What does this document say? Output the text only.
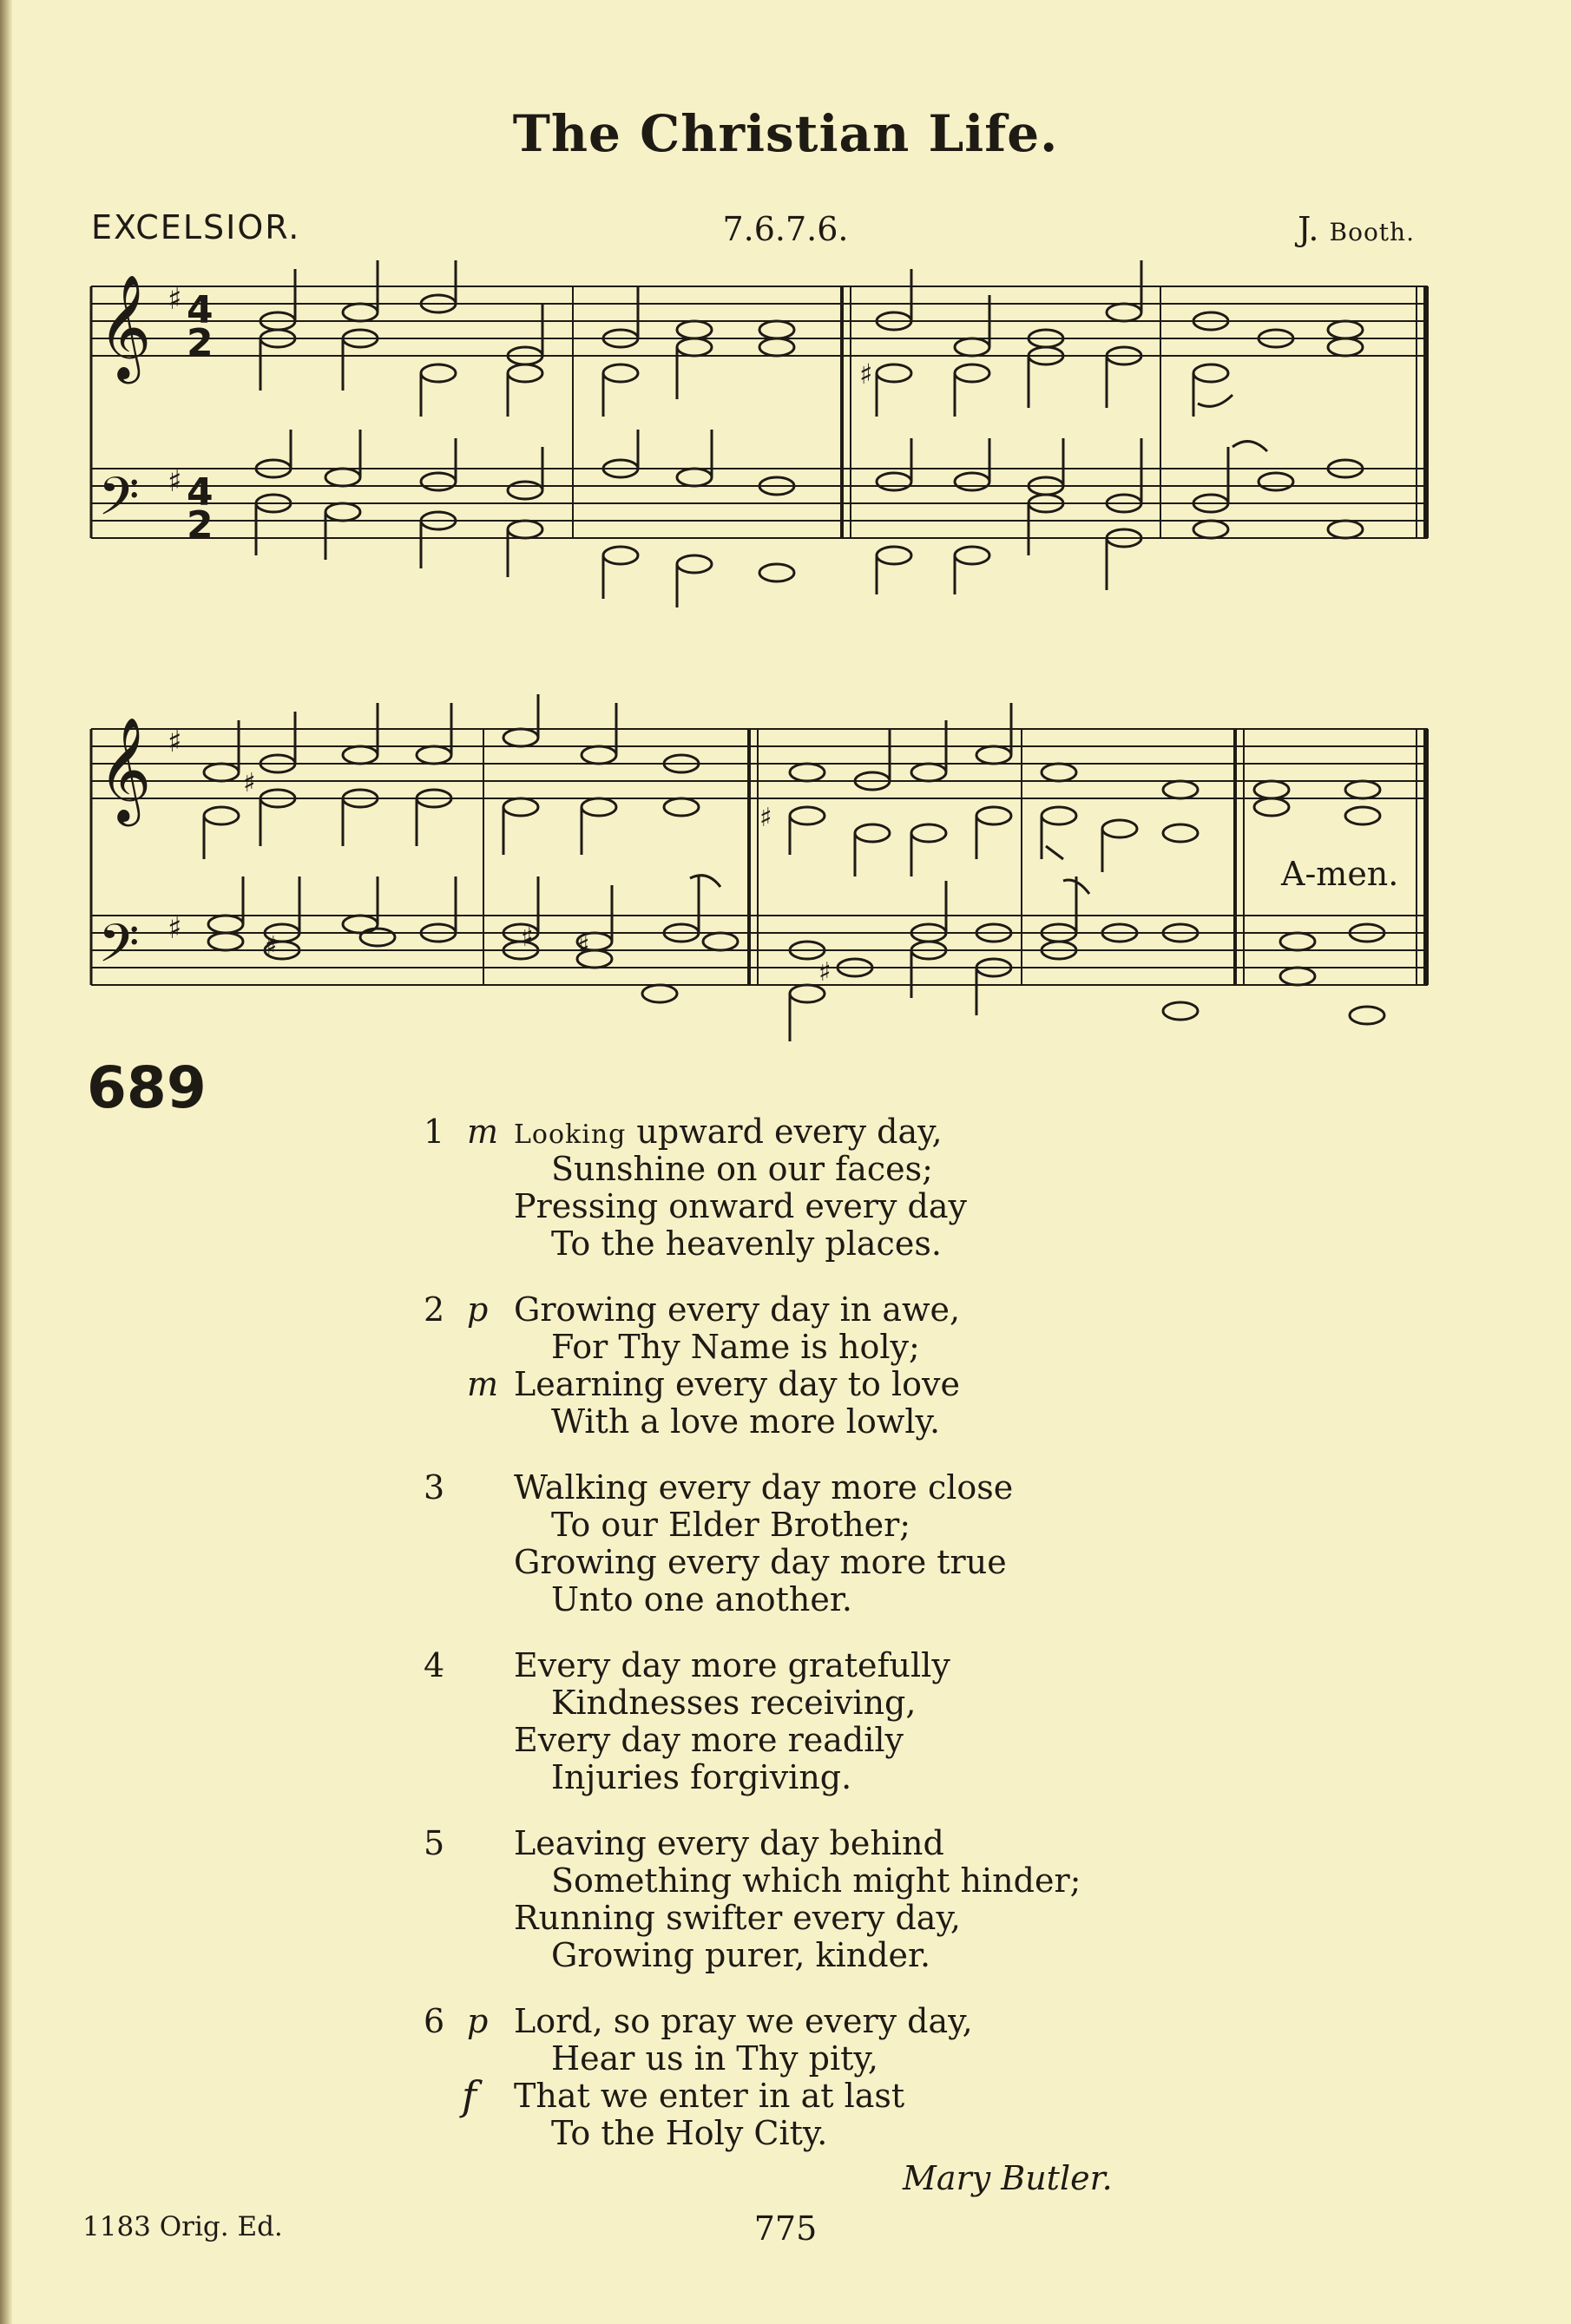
The Christian Life.
EXCELSIOR.	7.6.7.6.	J. Booth.
𝄞
𝄢
♯
♯
4
2
4
2
♯
𝄞
𝄢
♯
♯
♯
♯
♯	♯ ♯
♯
A-men.
689
1 m Looking upward every day,
Sunshine on our faces;
Pressing onward every day
To the heavenly places.
2 p Growing every day in awe,
For Thy Name is holy;
m Learning every day to love
With a love more lowly.
3 Walking every day more close
To our Elder Brother;
Growing every day more true
Unto one another.
4 Every day more gratefully
Kindnesses receiving,
Every day more readily
Injuries forgiving.
5 Leaving every day behind
Something which might hinder;
Running swifter every day,
Growing purer, kinder.
6 p Lord, so pray we every day,
Hear us in Thy pity,
f That we enter in at last
To the Holy City.
Mary Butler.
1183 Orig. Ed.	775
